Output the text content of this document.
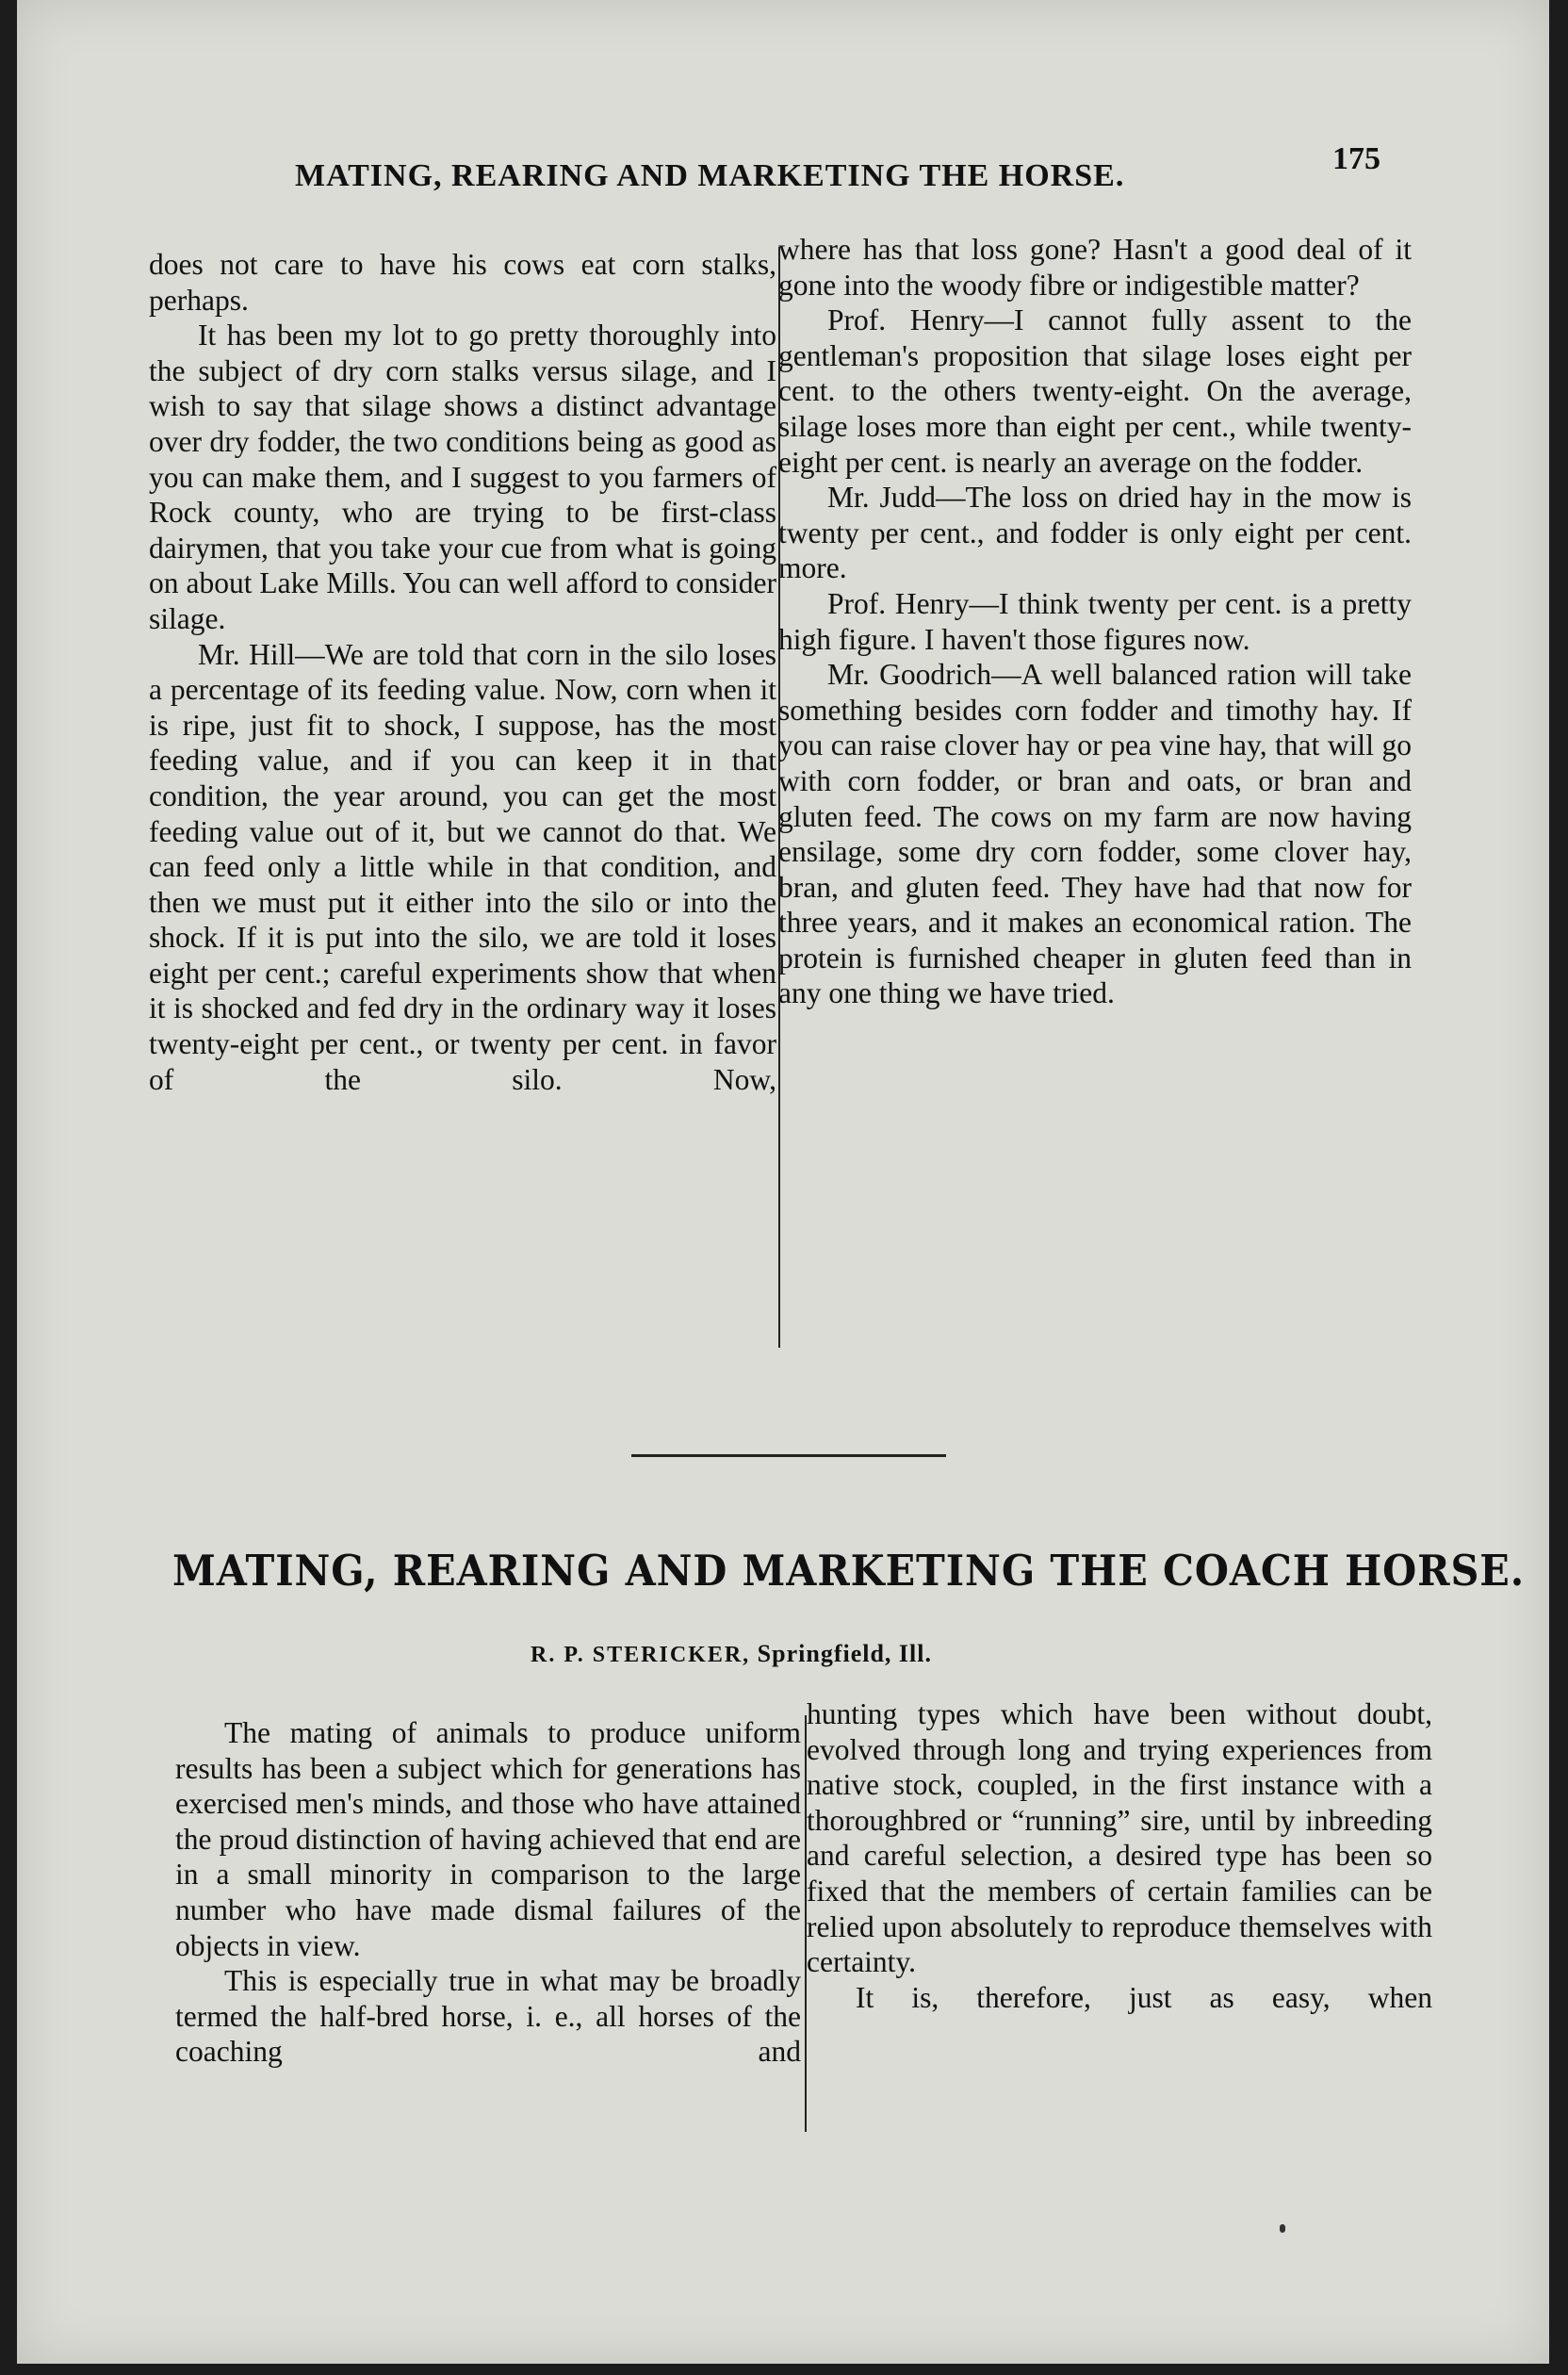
MATING, REARING AND MARKETING THE HORSE.	175

does not care to have his cows eat corn stalks, perhaps.

It has been my lot to go pretty thoroughly into the subject of dry corn stalks versus silage, and I wish to say that silage shows a distinct advantage over dry fodder, the two conditions being as good as you can make them, and I suggest to you farmers of Rock county, who are trying to be first-class dairymen, that you take your cue from what is going on about Lake Mills. You can well afford to consider silage.

Mr. Hill—We are told that corn in the silo loses a percentage of its feeding value. Now, corn when it is ripe, just fit to shock, I suppose, has the most feeding value, and if you can keep it in that condition, the year around, you can get the most feeding value out of it, but we cannot do that. We can feed only a little while in that condition, and then we must put it either into the silo or into the shock. If it is put into the silo, we are told it loses eight per cent.; careful experiments show that when it is shocked and fed dry in the ordinary way it loses twenty-eight per cent., or twenty per cent. in favor of the silo. Now,

where has that loss gone? Hasn't a good deal of it gone into the woody fibre or indigestible matter?

Prof. Henry—I cannot fully assent to the gentleman's proposition that silage loses eight per cent. to the others twenty-eight. On the average, silage loses more than eight per cent., while twenty-eight per cent. is nearly an average on the fodder.

Mr. Judd—The loss on dried hay in the mow is twenty per cent., and fodder is only eight per cent. more.

Prof. Henry—I think twenty per cent. is a pretty high figure. I haven't those figures now.

Mr. Goodrich—A well balanced ration will take something besides corn fodder and timothy hay. If you can raise clover hay or pea vine hay, that will go with corn fodder, or bran and oats, or bran and gluten feed. The cows on my farm are now having ensilage, some dry corn fodder, some clover hay, bran, and gluten feed. They have had that now for three years, and it makes an economical ration. The protein is furnished cheaper in gluten feed than in any one thing we have tried.

MATING, REARING AND MARKETING THE COACH HORSE.
R. P. STERICKER, Springfield, Ill.

The mating of animals to produce uniform results has been a subject which for generations has exercised men's minds, and those who have attained the proud distinction of having achieved that end are in a small minority in comparison to the large number who have made dismal failures of the objects in view.

This is especially true in what may be broadly termed the half-bred horse, i. e., all horses of the coaching and

hunting types which have been without doubt, evolved through long and trying experiences from native stock, coupled, in the first instance with a thoroughbred or “running” sire, until by inbreeding and careful selection, a desired type has been so fixed that the members of certain families can be relied upon absolutely to reproduce themselves with certainty.

It is, therefore, just as easy, when
